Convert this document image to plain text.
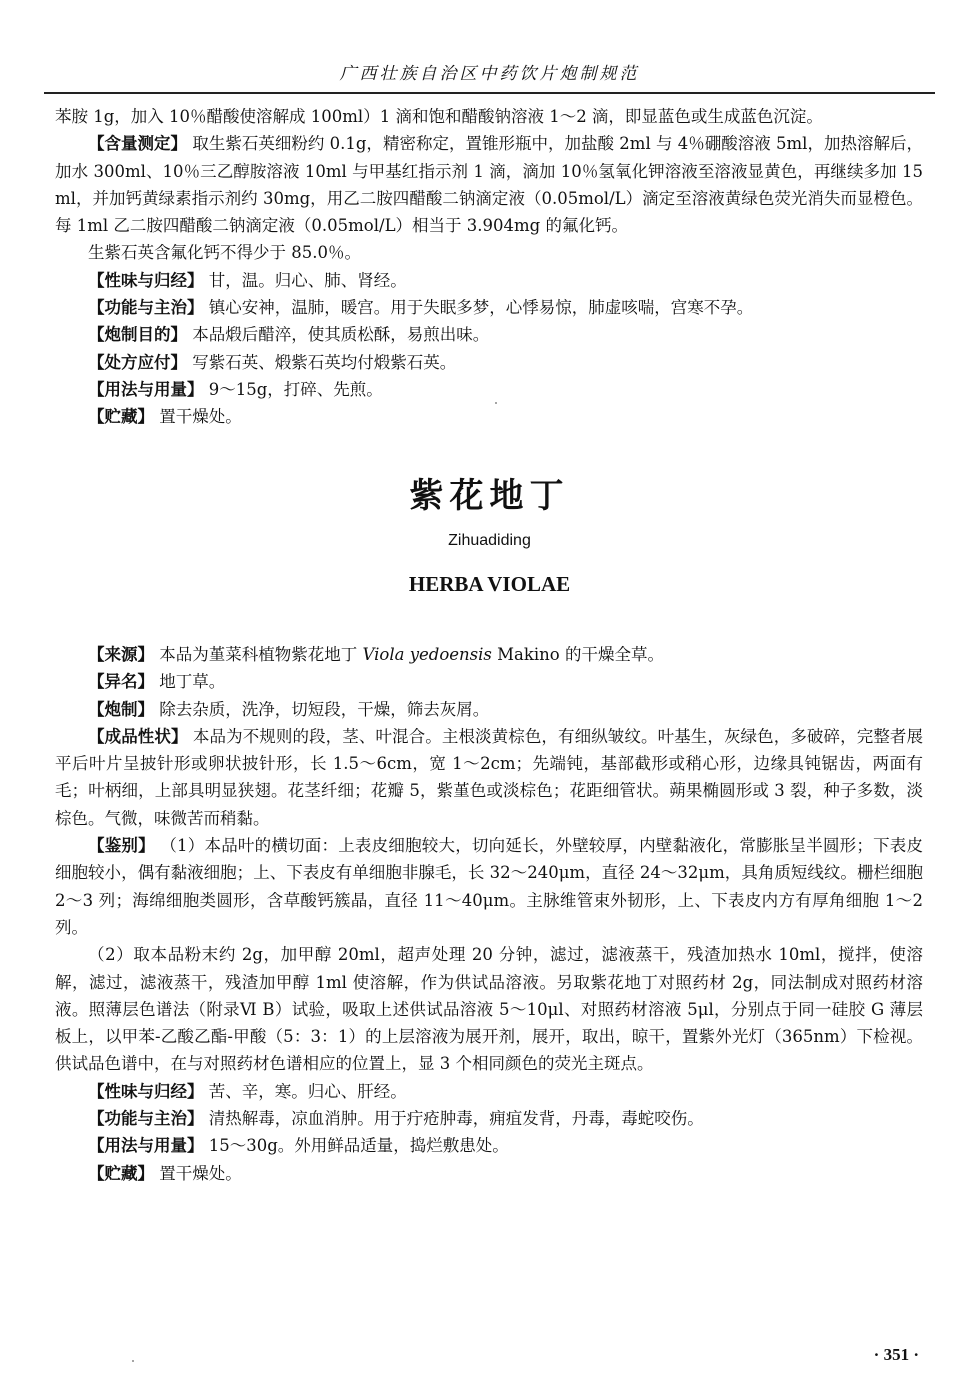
广西壮族自治区中药饮片炮制规范

苯胺 1g，加入 10％醋酸使溶解成 100ml）1 滴和饱和醋酸钠溶液 1～2 滴，即显蓝色或生成蓝色沉淀。

【含量测定】 取生紫石英细粉约 0.1g，精密称定，置锥形瓶中，加盐酸 2ml 与 4％硼酸溶液 5ml，加热溶解后，加水 300ml、10％三乙醇胺溶液 10ml 与甲基红指示剂 1 滴，滴加 10％氢氧化钾溶液至溶液显黄色，再继续多加 15ml，并加钙黄绿素指示剂约 30mg，用乙二胺四醋酸二钠滴定液（0.05mol/L）滴定至溶液黄绿色荧光消失而显橙色。每 1ml 乙二胺四醋酸二钠滴定液（0.05mol/L）相当于 3.904mg 的氟化钙。

生紫石英含氟化钙不得少于 85.0％。

【性味与归经】 甘，温。归心、肺、肾经。

【功能与主治】 镇心安神，温肺，暖宫。用于失眠多梦，心悸易惊，肺虚咳喘，宫寒不孕。

【炮制目的】 本品煅后醋淬，使其质松酥，易煎出味。

【处方应付】 写紫石英、煅紫石英均付煅紫石英。

【用法与用量】 9～15g，打碎、先煎。

【贮藏】 置干燥处。

紫花地丁
Zihuadiding
HERBA VIOLAE

【来源】 本品为堇菜科植物紫花地丁 Viola yedoensis Makino 的干燥全草。

【异名】 地丁草。

【炮制】 除去杂质，洗净，切短段，干燥，筛去灰屑。

【成品性状】 本品为不规则的段，茎、叶混合。主根淡黄棕色，有细纵皱纹。叶基生，灰绿色，多破碎，完整者展平后叶片呈披针形或卵状披针形，长 1.5～6cm，宽 1～2cm；先端钝，基部截形或稍心形，边缘具钝锯齿，两面有毛；叶柄细，上部具明显狭翅。花茎纤细；花瓣 5，紫堇色或淡棕色；花距细管状。蒴果椭圆形或 3 裂，种子多数，淡棕色。气微，味微苦而稍黏。

【鉴别】 （1）本品叶的横切面：上表皮细胞较大，切向延长，外壁较厚，内壁黏液化，常膨胀呈半圆形；下表皮细胞较小，偶有黏液细胞；上、下表皮有单细胞非腺毛，长 32～240μm，直径 24～32μm，具角质短线纹。栅栏细胞 2～3 列；海绵细胞类圆形，含草酸钙簇晶，直径 11～40μm。主脉维管束外韧形，上、下表皮内方有厚角细胞 1～2 列。

（2）取本品粉末约 2g，加甲醇 20ml，超声处理 20 分钟，滤过，滤液蒸干，残渣加热水 10ml，搅拌，使溶解，滤过，滤液蒸干，残渣加甲醇 1ml 使溶解，作为供试品溶液。另取紫花地丁对照药材 2g，同法制成对照药材溶液。照薄层色谱法（附录Ⅵ B）试验，吸取上述供试品溶液 5～10μl、对照药材溶液 5μl，分别点于同一硅胶 G 薄层板上，以甲苯-乙酸乙酯-甲酸（5：3：1）的上层溶液为展开剂，展开，取出，晾干，置紫外光灯（365nm）下检视。供试品色谱中，在与对照药材色谱相应的位置上，显 3 个相同颜色的荧光主斑点。

【性味与归经】 苦、辛，寒。归心、肝经。

【功能与主治】 清热解毒，凉血消肿。用于疔疮肿毒，痈疽发背，丹毒，毒蛇咬伤。

【用法与用量】 15～30g。外用鲜品适量，捣烂敷患处。

【贮藏】 置干燥处。

· 351 ·
